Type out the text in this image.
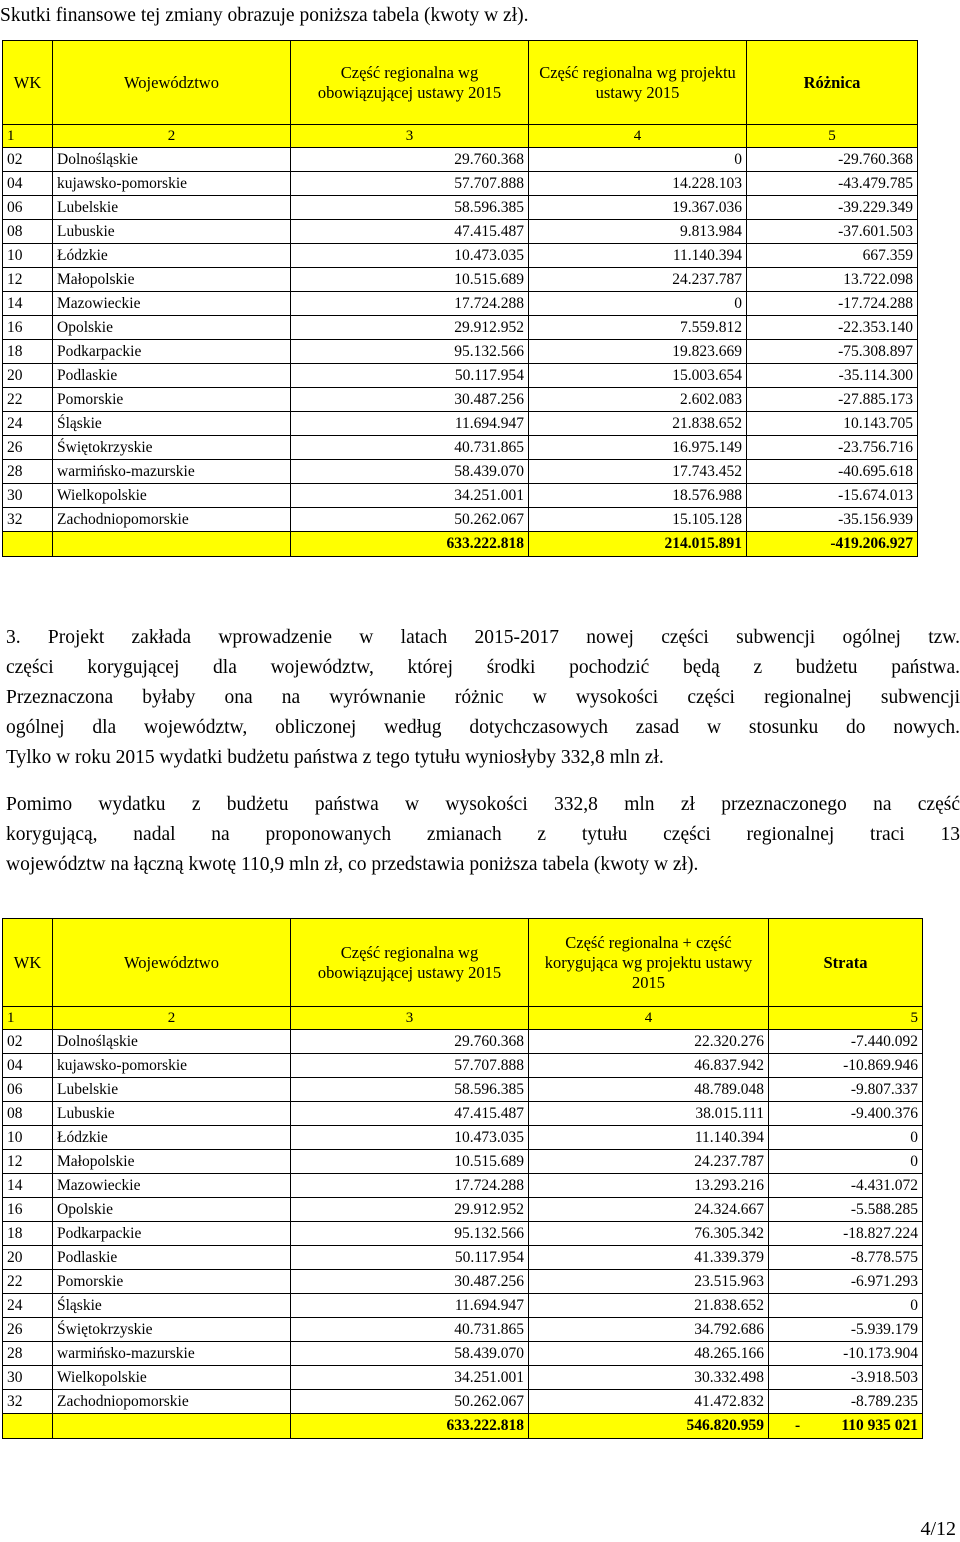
Skutki finansowe tej zmiany obrazuje poniższa tabela (kwoty w zł).
WK	Województwo	Część regionalna wg obowiązującej ustawy 2015	Część regionalna wg projektu ustawy 2015	Różnica
1	2	3	4	5
02	Dolnośląskie	29.760.368	0	-29.760.368
04	kujawsko-pomorskie	57.707.888	14.228.103	-43.479.785
06	Lubelskie	58.596.385	19.367.036	-39.229.349
08	Lubuskie	47.415.487	9.813.984	-37.601.503
10	Łódzkie	10.473.035	11.140.394	667.359
12	Małopolskie	10.515.689	24.237.787	13.722.098
14	Mazowieckie	17.724.288	0	-17.724.288
16	Opolskie	29.912.952	7.559.812	-22.353.140
18	Podkarpackie	95.132.566	19.823.669	-75.308.897
20	Podlaskie	50.117.954	15.003.654	-35.114.300
22	Pomorskie	30.487.256	2.602.083	-27.885.173
24	Śląskie	11.694.947	21.838.652	10.143.705
26	Świętokrzyskie	40.731.865	16.975.149	-23.756.716
28	warmińsko-mazurskie	58.439.070	17.743.452	-40.695.618
30	Wielkopolskie	34.251.001	18.576.988	-15.674.013
32	Zachodniopomorskie	50.262.067	15.105.128	-35.156.939
		633.222.818	214.015.891	-419.206.927
3. Projekt zakłada wprowadzenie w latach 2015-2017 nowej części subwencji ogólnej tzw.
części korygującej dla województw, której środki pochodzić będą z budżetu państwa.
Przeznaczona byłaby ona na wyrównanie różnic w wysokości części regionalnej subwencji
ogólnej dla województw, obliczonej według dotychczasowych zasad w stosunku do nowych.
Tylko w roku 2015 wydatki budżetu państwa z tego tytułu wyniosłyby 332,8 mln zł.
Pomimo wydatku z budżetu państwa w wysokości 332,8 mln zł przeznaczonego na część
korygującą, nadal na proponowanych zmianach z tytułu części regionalnej traci 13
województw na łączną kwotę 110,9 mln zł, co przedstawia poniższa tabela (kwoty w zł).
WK	Województwo	Część regionalna wg obowiązującej ustawy 2015	Część regionalna + część korygująca wg projektu ustawy 2015	Strata
1	2	3	4	5
02	Dolnośląskie	29.760.368	22.320.276	-7.440.092
04	kujawsko-pomorskie	57.707.888	46.837.942	-10.869.946
06	Lubelskie	58.596.385	48.789.048	-9.807.337
08	Lubuskie	47.415.487	38.015.111	-9.400.376
10	Łódzkie	10.473.035	11.140.394	0
12	Małopolskie	10.515.689	24.237.787	0
14	Mazowieckie	17.724.288	13.293.216	-4.431.072
16	Opolskie	29.912.952	24.324.667	-5.588.285
18	Podkarpackie	95.132.566	76.305.342	-18.827.224
20	Podlaskie	50.117.954	41.339.379	-8.778.575
22	Pomorskie	30.487.256	23.515.963	-6.971.293
24	Śląskie	11.694.947	21.838.652	0
26	Świętokrzyskie	40.731.865	34.792.686	-5.939.179
28	warmińsko-mazurskie	58.439.070	48.265.166	-10.173.904
30	Wielkopolskie	34.251.001	30.332.498	-3.918.503
32	Zachodniopomorskie	50.262.067	41.472.832	-8.789.235
		633.222.818	546.820.959	- 110 935 021
4/12
